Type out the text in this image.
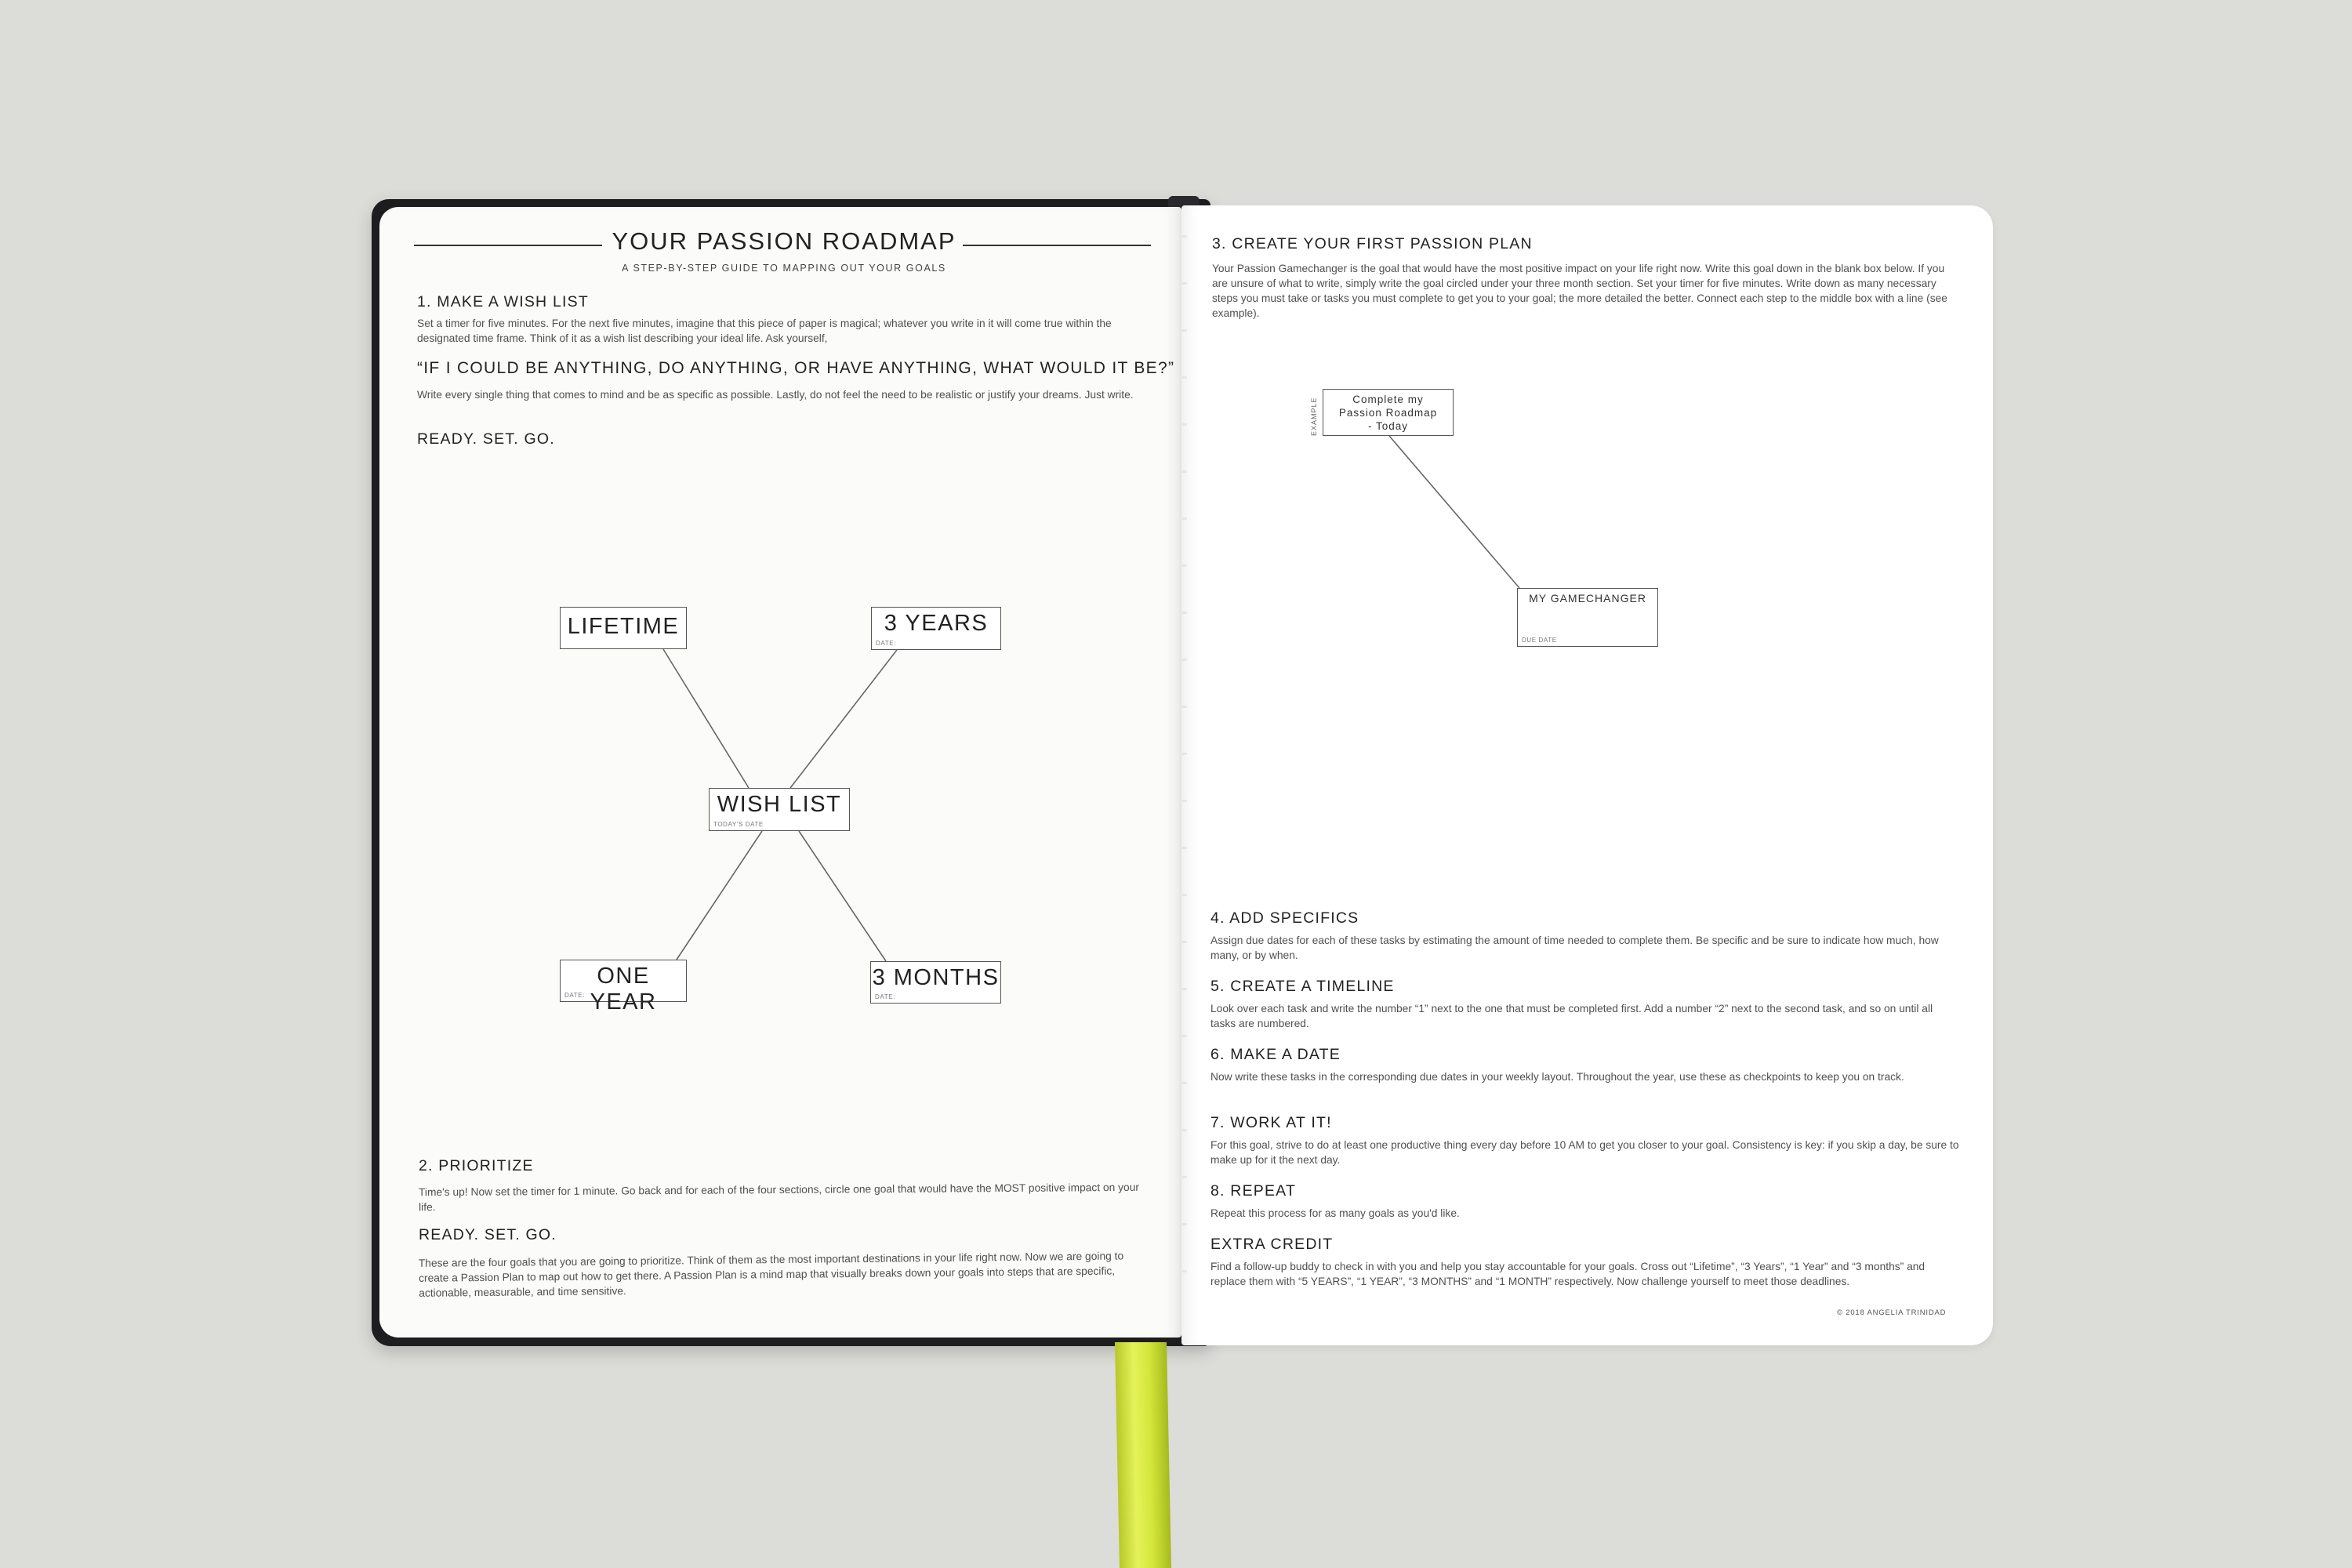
YOUR PASSION ROADMAP
A STEP-BY-STEP GUIDE TO MAPPING OUT YOUR GOALS
1. MAKE A WISH LIST
Set a timer for five minutes. For the next five minutes, imagine that this piece of paper is magical; whatever you write in it will come true within the designated time frame. Think of it as a wish list describing your ideal life. Ask yourself,
“IF I COULD BE ANYTHING, DO ANYTHING, OR HAVE ANYTHING, WHAT WOULD IT BE?”
Write every single thing that comes to mind and be as specific as possible. Lastly, do not feel the need to be realistic or justify your dreams. Just write.
READY. SET. GO.
LIFETIME	3 YEARS
DATE:
WISH LIST
TODAY'S DATE
ONE YEAR
DATE:
3 MONTHS
DATE:
2. PRIORITIZE
Time's up! Now set the timer for 1 minute. Go back and for each of the four sections, circle one goal that would have the MOST positive impact on your life.
READY. SET. GO.
These are the four goals that you are going to prioritize. Think of them as the most important destinations in your life right now. Now we are going to create a Passion Plan to map out how to get there. A Passion Plan is a mind map that visually breaks down your goals into steps that are specific, actionable, measurable, and time sensitive.
3. CREATE YOUR FIRST PASSION PLAN
Your Passion Gamechanger is the goal that would have the most positive impact on your life right now. Write this goal down in the blank box below. If you are unsure of what to write, simply write the goal circled under your three month section. Set your timer for five minutes. Write down as many necessary steps you must take or tasks you must complete to get you to your goal; the more detailed the better. Connect each step to the middle box with a line (see example).
EXAMPLE	Complete my
Passion Roadmap
- Today
MY GAMECHANGER
DUE DATE
4. ADD SPECIFICS
Assign due dates for each of these tasks by estimating the amount of time needed to complete them. Be specific and be sure to indicate how much, how many, or by when.
5. CREATE A TIMELINE
Look over each task and write the number “1” next to the one that must be completed first. Add a number “2” next to the second task, and so on until all tasks are numbered.
6. MAKE A DATE
Now write these tasks in the corresponding due dates in your weekly layout. Throughout the year, use these as checkpoints to keep you on track.
7. WORK AT IT!
For this goal, strive to do at least one productive thing every day before 10 AM to get you closer to your goal. Consistency is key: if you skip a day, be sure to make up for it the next day.
8. REPEAT
Repeat this process for as many goals as you'd like.
EXTRA CREDIT
Find a follow-up buddy to check in with you and help you stay accountable for your goals. Cross out “Lifetime”, “3 Years”, “1 Year” and “3 months” and replace them with “5 YEARS”, “1 YEAR”, “3 MONTHS” and “1 MONTH” respectively. Now challenge yourself to meet those deadlines.
© 2018 ANGELIA TRINIDAD
